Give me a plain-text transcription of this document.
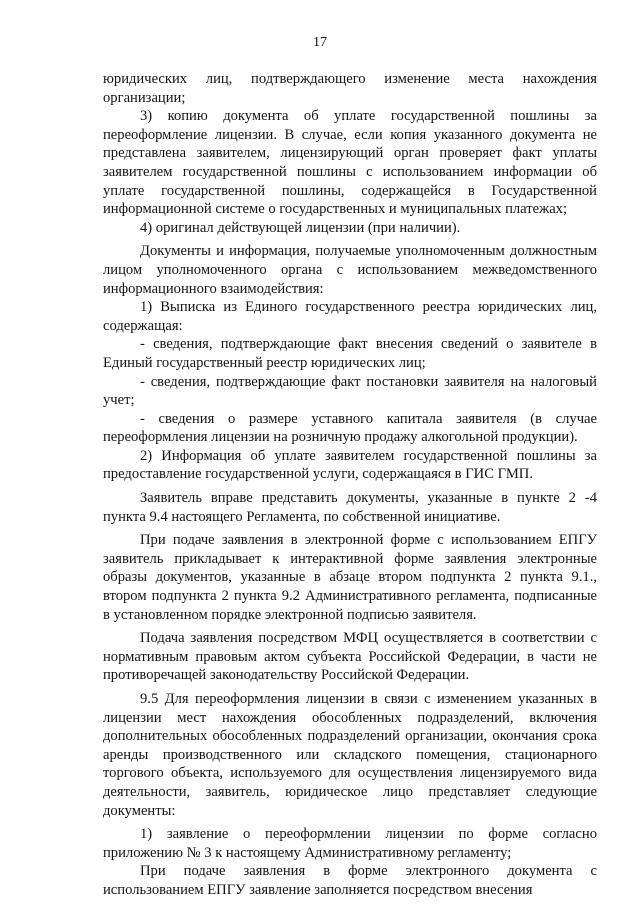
17

юридических лиц, подтверждающего изменение места нахождения организации;

3) копию документа об уплате государственной пошлины за переоформление лицензии. В случае, если копия указанного документа не представлена заявителем, лицензирующий орган проверяет факт уплаты заявителем государственной пошлины с использованием информации об уплате государственной пошлины, содержащейся в Государственной информационной системе о государственных и муниципальных платежах;

4) оригинал действующей лицензии (при наличии).

Документы и информация, получаемые уполномоченным должностным лицом уполномоченного органа с использованием межведомственного информационного взаимодействия:

1) Выписка из Единого государственного реестра юридических лиц, содержащая:

- сведения, подтверждающие факт внесения сведений о заявителе в Единый государственный реестр юридических лиц;

- сведения, подтверждающие факт постановки заявителя на налоговый учет;

- сведения о размере уставного капитала заявителя (в случае переоформления лицензии на розничную продажу алкогольной продукции).

2) Информация об уплате заявителем государственной пошлины за предоставление государственной услуги, содержащаяся в ГИС ГМП.

Заявитель вправе представить документы, указанные в пункте 2 -4 пункта 9.4 настоящего Регламента, по собственной инициативе.

При подаче заявления в электронной форме с использованием ЕПГУ заявитель прикладывает к интерактивной форме заявления электронные образы документов, указанные в абзаце втором подпункта 2 пункта 9.1., втором подпункта 2 пункта 9.2 Административного регламента, подписанные в установленном порядке электронной подписью заявителя.

Подача заявления посредством МФЦ осуществляется в соответствии с нормативным правовым актом субъекта Российской Федерации, в части не противоречащей законодательству Российской Федерации.

9.5 Для переоформления лицензии в связи с изменением указанных в лицензии мест нахождения обособленных подразделений, включения дополнительных обособленных подразделений организации, окончания срока аренды производственного или складского помещения, стационарного торгового объекта, используемого для осуществления лицензируемого вида деятельности, заявитель, юридическое лицо представляет следующие документы:

1) заявление о переоформлении лицензии по форме согласно приложению № 3 к настоящему Административному регламенту;

При подаче заявления в форме электронного документа с использованием ЕПГУ заявление заполняется посредством внесения
